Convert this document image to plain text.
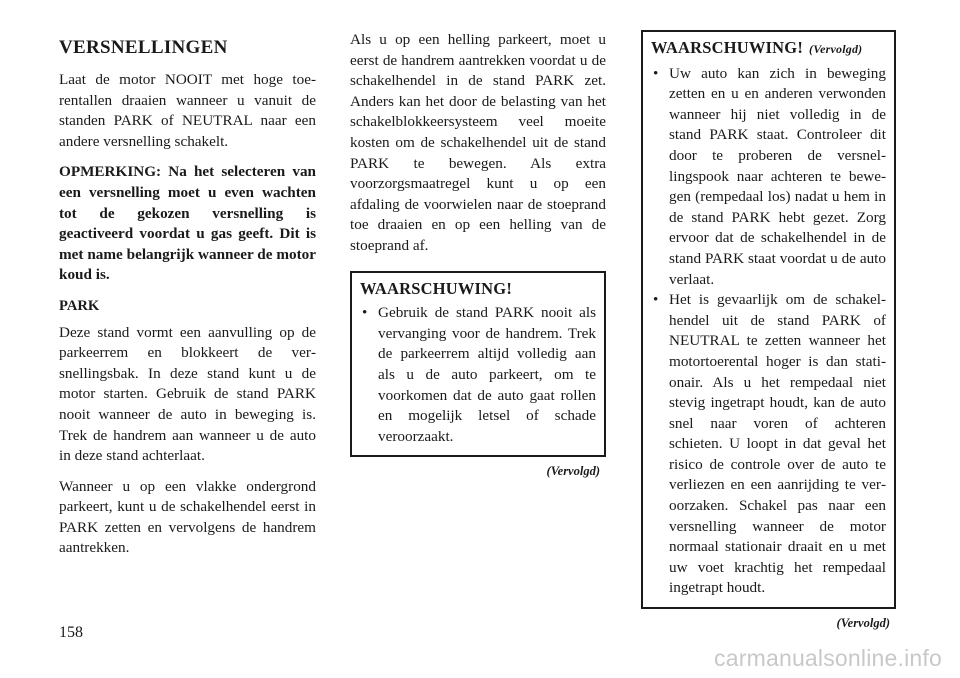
VERSNELLINGEN

Laat de motor NOOIT met hoge toerentallen draaien wanneer u vanuit de standen PARK of NEUTRAL naar een andere versnelling schakelt.

OPMERKING: Na het selecteren van een versnelling moet u even wachten tot de gekozen versnelling is geactiveerd voordat u gas geeft. Dit is met name belangrijk wanneer de motor koud is.

PARK

Deze stand vormt een aanvulling op de parkeerrem en blokkeert de versnellingsbak. In deze stand kunt u de motor starten. Gebruik de stand PARK nooit wanneer de auto in beweging is. Trek de handrem aan wanneer u de auto in deze stand achterlaat.

Wanneer u op een vlakke ondergrond parkeert, kunt u de schakelhendel eerst in PARK zetten en vervolgens de handrem aantrekken.

Als u op een helling parkeert, moet u eerst de handrem aantrekken voordat u de schakelhendel in de stand PARK zet. Anders kan het door de belasting van het schakelblokkeersysteem veel moeite kosten om de schakelhendel uit de stand PARK te bewegen. Als extra voorzorgsmaatregel kunt u op een afdaling de voorwielen naar de stoeprand toe draaien en op een helling van de stoeprand af.

WAARSCHUWING!
• Gebruik de stand PARK nooit als vervanging voor de handrem. Trek de parkeerrem altijd volledig aan als u de auto parkeert, om te voorkomen dat de auto gaat rollen en mogelijk letsel of schade veroorzaakt.
(Vervolgd)
WAARSCHUWING! (Vervolgd)
• Uw auto kan zich in beweging zetten en u en anderen verwonden wanneer hij niet volledig in de stand PARK staat. Controleer dit door te proberen de versnellingspook naar achteren te bewegen (rempedaal los) nadat u hem in de stand PARK hebt gezet. Zorg ervoor dat de schakelhendel in de stand PARK staat voordat u de auto verlaat.
• Het is gevaarlijk om de schakelhendel uit de stand PARK of NEUTRAL te zetten wanneer het motortoerental hoger is dan stationair. Als u het rempedaal niet stevig ingetrapt houdt, kan de auto snel naar voren of achteren schieten. U loopt in dat geval het risico de controle over de auto te verliezen en een aanrijding te veroorzaken. Schakel pas naar een versnelling wanneer de motor normaal stationair draait en u met uw voet krachtig het rempedaal ingetrapt houdt.
(Vervolgd)
158
carmanualsonline.info
